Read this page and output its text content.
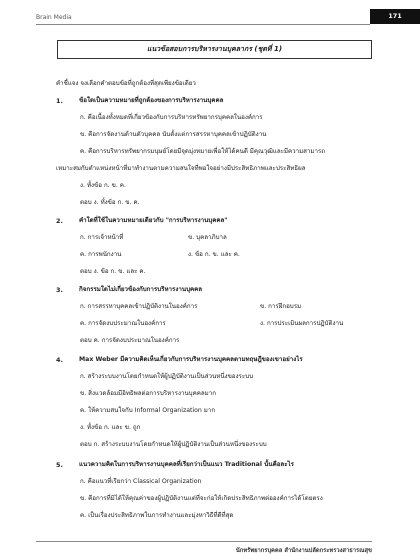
Brain Media	171
แนวข้อสอบการบริหารงานบุคลากร (ชุดที่ 1)
คำชี้แจง จงเลือกคำตอบข้อที่ถูกต้องที่สุดเพียงข้อเดียว
1.	ข้อใดเป็นความหมายที่ถูกต้องของการบริหารงานบุคคล
ก. คือเนื้องทั้งหมดที่เกี่ยวข้องกับการบริหารทรัพยากรบุคคลในองค์การ
ข. คือการจัดงานด้านตัวบุคคล นับตั้งแต่การสรรหาบุคคลเข้าปฏิบัติงาน
ค. คือการบริหารทรัพยากรมนุษย์โดยมีจุดมุ่งหมายเพื่อให้ได้คนดี มีคุณวุฒิและมีความสามารถ
เหมาะสมกับตำแหน่งหน้าที่มาทำงานตามความสนใจที่พอใจอย่างมีประสิทธิภาพและประสิทธิผล
ง. ทั้งข้อ ก. ข. ค.
ตอบ ง. ทั้งข้อ ก. ข. ค.
2.	คำใดที่ใช้ในความหมายเดียวกับ "การบริหารงานบุคคล"
ก. การเจ้าหน้าที่	ข. บุคลาภิบาล
ค. การพนักงาน	ง. ข้อ ก. ข. และ ค.
ตอบ ง. ข้อ ก. ข. และ ค.
3.	กิจกรรมใดไม่เกี่ยวข้องกับการบริหารงานบุคคล
ก. การสรรหาบุคคลเข้าปฏิบัติงานในองค์การ	ข. การฝึกอบรม
ค. การจัดงบประมาณในองค์การ	ง. การประเมินผลการปฏิบัติงาน
ตอบ ค. การจัดงบประมาณในองค์การ
4.	Max Weber มีความคิดเห็นเกี่ยวกับการบริหารงานบุคคลตามทฤษฎีของเขาอย่างไร
ก. สร้างระบบงานโดยกำหนดให้ผู้ปฏิบัติงานเป็นส่วนหนึ่งของระบบ
ข. สิ่งแวดล้อมมีอิทธิพลต่อการบริหารงานบุคคลมาก
ค. ให้ความสนใจกับ Informal Organization มาก
ง. ทั้งข้อ ก. และ ข. ถูก
ตอบ ก. สร้างระบบงานโดยกำหนดให้ผู้ปฏิบัติงานเป็นส่วนหนึ่งของระบบ
5.	แนวความคิดในการบริหารงานบุคคลที่เรียกว่าเป็นแนว Traditional นั้นคือละไร
ก. คือแนวที่เรียกว่า Classical Organization
ข. คือการที่มิได้ให้คุณค่าของผู้ปฏิบัติงานแต่ที่จะก่อให้เกิดประสิทธิภาพต่อองค์การได้โดยตรง
ค. เป็นเรื่องประสิทธิภาพในการทำงานและมุ่งหาวิธีที่ดีที่สุด
นักทรัพยากรบุคคล สำนักงานปลัดกระทรวงสาธารณสุข
